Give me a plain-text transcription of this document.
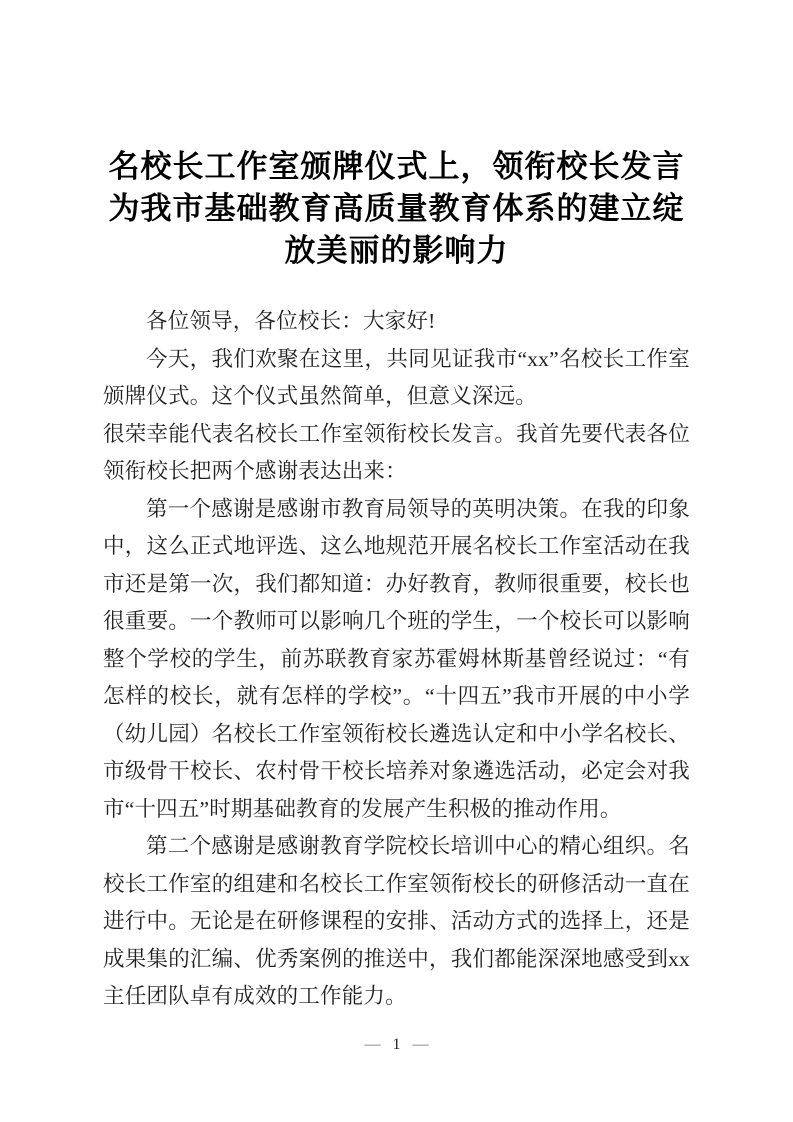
名校长工作室颁牌仪式上，领衔校长发言
为我市基础教育高质量教育体系的建立绽
放美丽的影响力

各位领导，各位校长：大家好!

今天，我们欢聚在这里，共同见证我市“xx”名校长工作室颁牌仪式。这个仪式虽然简单，但意义深远。

很荣幸能代表名校长工作室领衔校长发言。我首先要代表各位领衔校长把两个感谢表达出来：

第一个感谢是感谢市教育局领导的英明决策。在我的印象中，这么正式地评选、这么地规范开展名校长工作室活动在我市还是第一次，我们都知道：办好教育，教师很重要，校长也很重要。一个教师可以影响几个班的学生，一个校长可以影响整个学校的学生，前苏联教育家苏霍姆林斯基曾经说过：“有怎样的校长，就有怎样的学校”。“十四五”我市开展的中小学（幼儿园）名校长工作室领衔校长遴选认定和中小学名校长、市级骨干校长、农村骨干校长培养对象遴选活动，必定会对我市“十四五”时期基础教育的发展产生积极的推动作用。

第二个感谢是感谢教育学院校长培训中心的精心组织。名校长工作室的组建和名校长工作室领衔校长的研修活动一直在进行中。无论是在研修课程的安排、活动方式的选择上，还是成果集的汇编、优秀案例的推送中，我们都能深深地感受到xx主任团队卓有成效的工作能力。

— 1 —
